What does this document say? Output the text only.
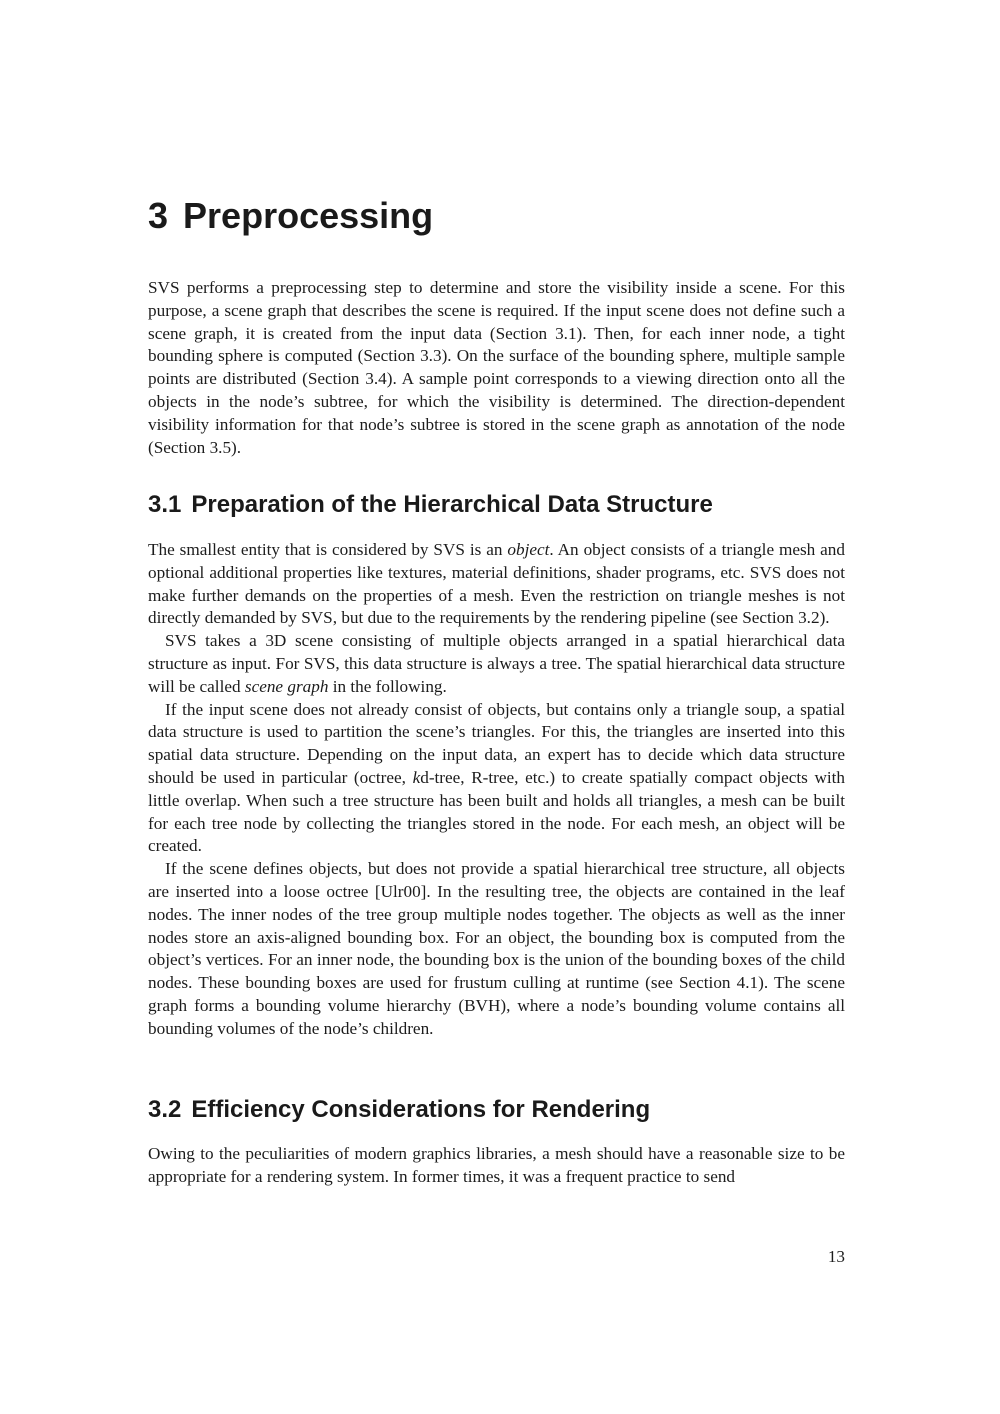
3 Preprocessing

SVS performs a preprocessing step to determine and store the visibility inside a scene. For this purpose, a scene graph that describes the scene is required. If the input scene does not define such a scene graph, it is created from the input data (Section 3.1). Then, for each inner node, a tight bounding sphere is computed (Section 3.3). On the surface of the bounding sphere, multiple sample points are distributed (Section 3.4). A sample point corresponds to a viewing direction onto all the objects in the node’s subtree, for which the visibility is determined. The direction-dependent visibility information for that node’s subtree is stored in the scene graph as annotation of the node (Section 3.5).

3.1 Preparation of the Hierarchical Data Structure

The smallest entity that is considered by SVS is an object. An object consists of a triangle mesh and optional additional properties like textures, material definitions, shader programs, etc. SVS does not make further demands on the properties of a mesh. Even the restriction on triangle meshes is not directly demanded by SVS, but due to the requirements by the rendering pipeline (see Section 3.2).

SVS takes a 3D scene consisting of multiple objects arranged in a spatial hierarchical data structure as input. For SVS, this data structure is always a tree. The spatial hierarchical data structure will be called scene graph in the following.

If the input scene does not already consist of objects, but contains only a triangle soup, a spatial data structure is used to partition the scene’s triangles. For this, the triangles are inserted into this spatial data structure. Depending on the input data, an expert has to decide which data structure should be used in particular (octree, kd-tree, R-tree, etc.) to create spatially compact objects with little overlap. When such a tree structure has been built and holds all triangles, a mesh can be built for each tree node by collecting the triangles stored in the node. For each mesh, an object will be created.

If the scene defines objects, but does not provide a spatial hierarchical tree structure, all objects are inserted into a loose octree [Ulr00]. In the resulting tree, the objects are contained in the leaf nodes. The inner nodes of the tree group multiple nodes together. The objects as well as the inner nodes store an axis-aligned bounding box. For an object, the bounding box is computed from the object’s vertices. For an inner node, the bounding box is the union of the bounding boxes of the child nodes. These bounding boxes are used for frustum culling at runtime (see Section 4.1). The scene graph forms a bounding volume hierarchy (BVH), where a node’s bounding volume contains all bounding volumes of the node’s children.

3.2 Efficiency Considerations for Rendering

Owing to the peculiarities of modern graphics libraries, a mesh should have a reasonable size to be appropriate for a rendering system. In former times, it was a frequent practice to send

13
